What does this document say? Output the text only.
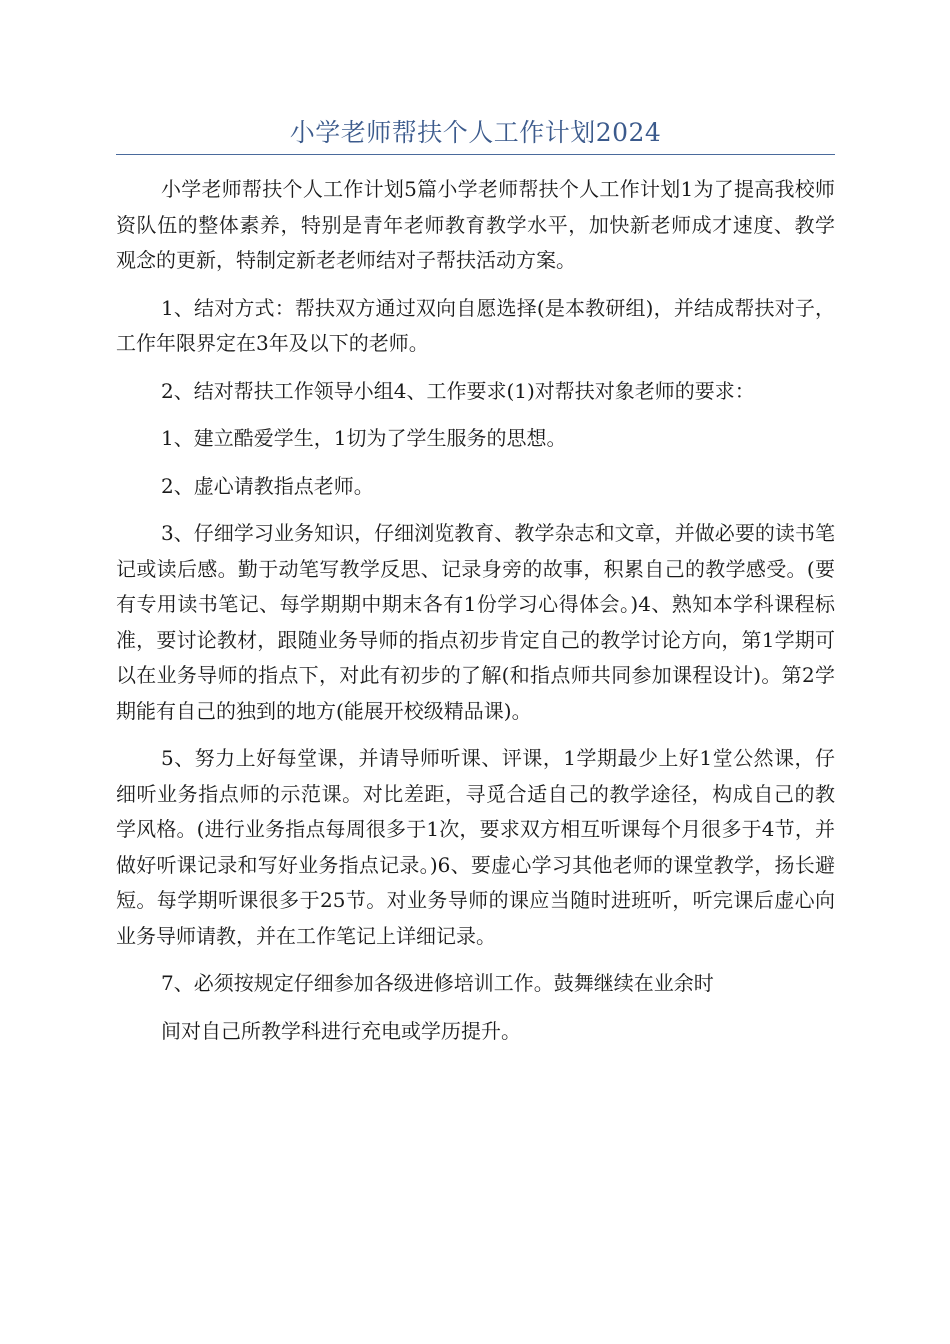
小学老师帮扶个人工作计划2024

小学老师帮扶个人工作计划5篇小学老师帮扶个人工作计划1为了提高我校师资队伍的整体素养，特别是青年老师教育教学水平，加快新老师成才速度、教学观念的更新，特制定新老老师结对子帮扶活动方案。

1、结对方式：帮扶双方通过双向自愿选择(是本教研组)，并结成帮扶对子，工作年限界定在3年及以下的老师。

2、结对帮扶工作领导小组4、工作要求(1)对帮扶对象老师的要求：

1、建立酷爱学生，1切为了学生服务的思想。

2、虚心请教指点老师。

3、仔细学习业务知识，仔细浏览教育、教学杂志和文章，并做必要的读书笔记或读后感。勤于动笔写教学反思、记录身旁的故事，积累自己的教学感受。(要有专用读书笔记、每学期期中期末各有1份学习心得体会。)4、熟知本学科课程标准，要讨论教材，跟随业务导师的指点初步肯定自己的教学讨论方向，第1学期可以在业务导师的指点下，对此有初步的了解(和指点师共同参加课程设计)。第2学期能有自己的独到的地方(能展开校级精品课)。

5、努力上好每堂课，并请导师听课、评课，1学期最少上好1堂公然课，仔细听业务指点师的示范课。对比差距，寻觅合适自己的教学途径，构成自己的教学风格。(进行业务指点每周很多于1次，要求双方相互听课每个月很多于4节，并做好听课记录和写好业务指点记录。)6、要虚心学习其他老师的课堂教学，扬长避短。每学期听课很多于25节。对业务导师的课应当随时进班听，听完课后虚心向业务导师请教，并在工作笔记上详细记录。

7、必须按规定仔细参加各级进修培训工作。鼓舞继续在业余时

间对自己所教学科进行充电或学历提升。
